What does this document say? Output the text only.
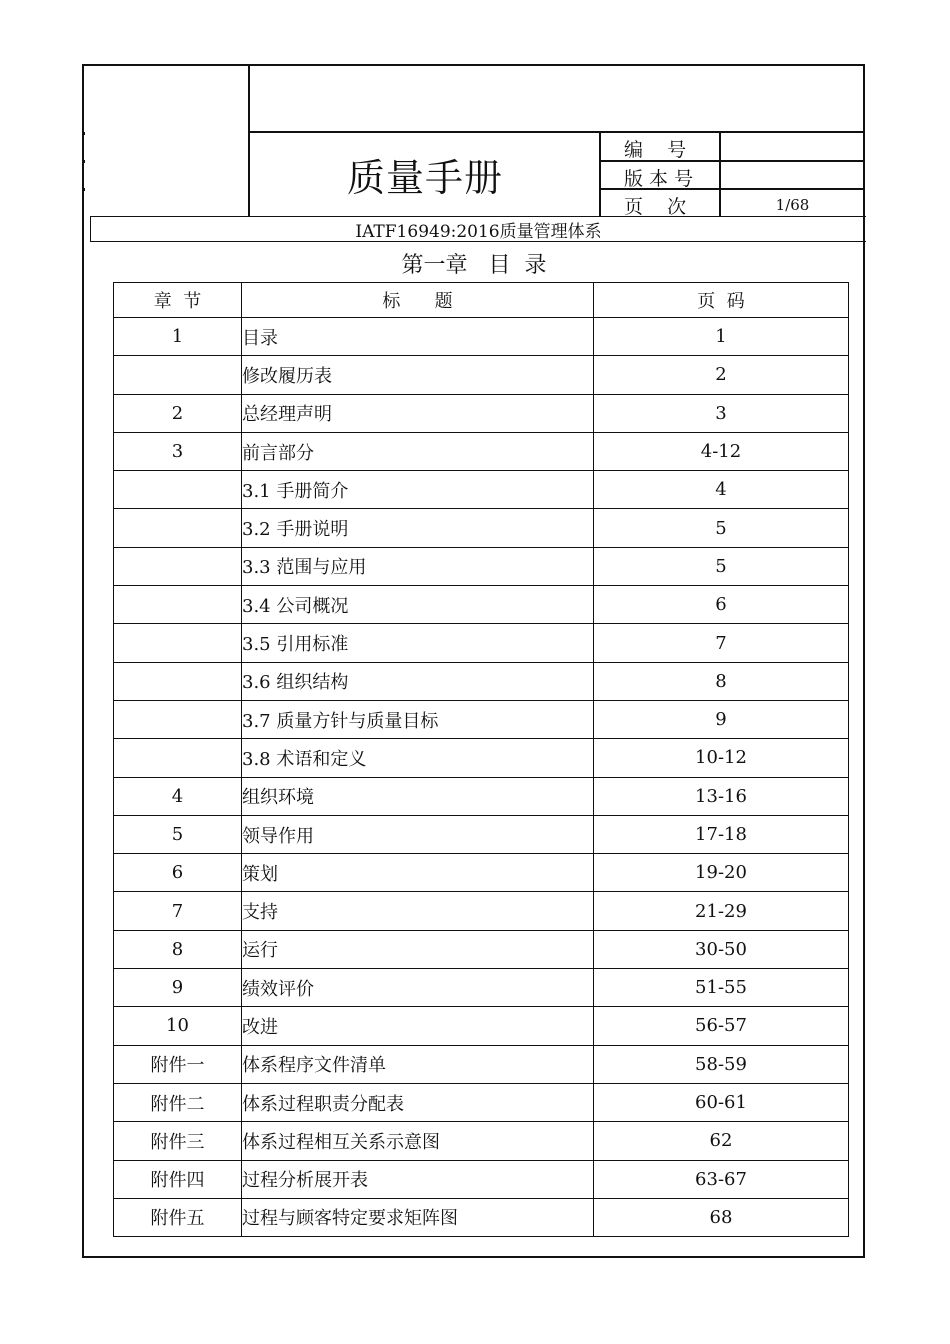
质量手册
编    号
版 本 号
页    次	1/68
IATF16949:2016质量管理体系
第一章   目  录
章  节	标      题	页  码
1	目录	1
	修改履历表	2
2	总经理声明	3
3	前言部分	4-12
	3.1 手册简介	4
	3.2 手册说明	5
	3.3 范围与应用	5
	3.4 公司概况	6
	3.5 引用标准	7
	3.6 组织结构	8
	3.7 质量方针与质量目标	9
	3.8 术语和定义	10-12
4	组织环境	13-16
5	领导作用	17-18
6	策划	19-20
7	支持	21-29
8	运行	30-50
9	绩效评价	51-55
10	改进	56-57
附件一	体系程序文件清单	58-59
附件二	体系过程职责分配表	60-61
附件三	体系过程相互关系示意图	62
附件四	过程分析展开表	63-67
附件五	过程与顾客特定要求矩阵图	68
